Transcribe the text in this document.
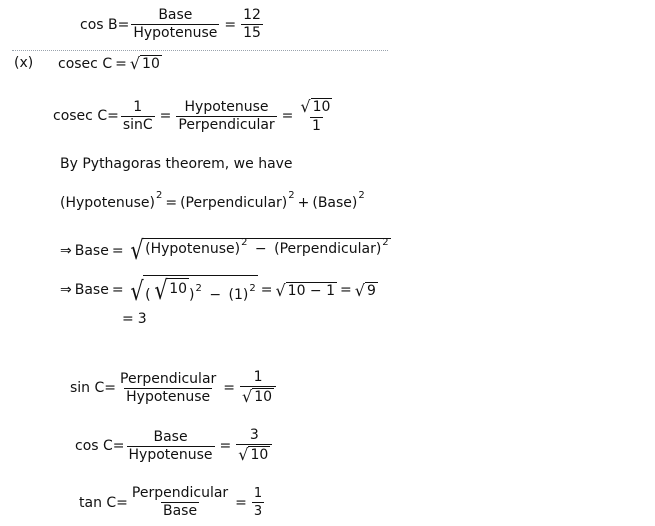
$\cos B= \frac{\text{Base}}{\text{Hypotenuse}} = \frac{12}{15}$
(x) cosec C = √ 10
cosec $C= \frac{1}{\sin C} = \frac{\text{Hypotenuse}}{\text{Perpendicular}} = \frac{√ 10}{1}$
By Pythagoras theorem, we have
(Hypotenuse) 2 = (Perpendicular) 2 + (Base) 2
⇒ Base = √ (Hypotenuse)$^2$ − (Perpendicular)$^2$
⇒ Base = √ ( √ 10 )$^2 - (1)^2$ = √ 10 − 1 = √ 9
= 3
$\sin C= \frac{\text{Perpendicular}}{\text{Hypotenuse}} = \frac{1}{√ 10}$
$\cos C= \frac{\text{Base}}{\text{Hypotenuse}} = \frac{3}{√ 10}$
$\tan C= \frac{\text{Perpendicular}}{\text{Base}} = \frac{1}{3}$
